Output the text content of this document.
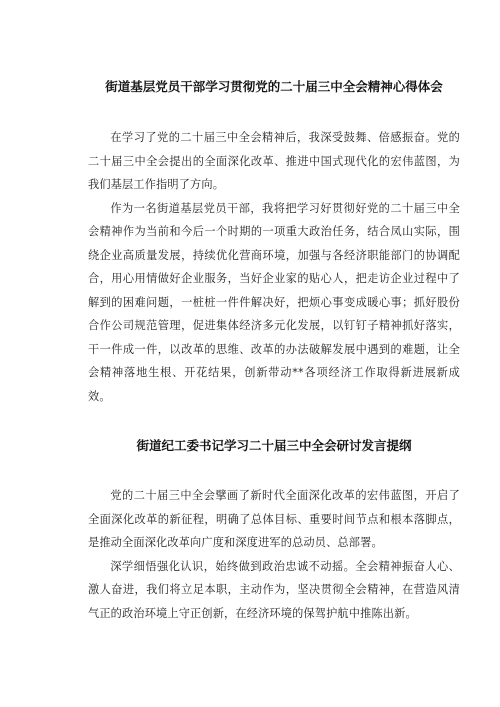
街道基层党员干部学习贯彻党的二十届三中全会精神心得体会

在学习了党的二十届三中全会精神后，我深受鼓舞、倍感振奋。党的二十届三中全会提出的全面深化改革、推进中国式现代化的宏伟蓝图，为我们基层工作指明了方向。

作为一名街道基层党员干部，我将把学习好贯彻好党的二十届三中全会精神作为当前和今后一个时期的一项重大政治任务，结合凤山实际，围绕企业高质量发展，持续优化营商环境，加强与各经济职能部门的协调配合，用心用情做好企业服务，当好企业家的贴心人，把走访企业过程中了解到的困难问题，一桩桩一件件解决好，把烦心事变成暖心事；抓好股份合作公司规范管理，促进集体经济多元化发展，以钉钉子精神抓好落实，干一件成一件，以改革的思维、改革的办法破解发展中遇到的难题，让全会精神落地生根、开花结果，创新带动**各项经济工作取得新进展新成效。

街道纪工委书记学习二十届三中全会研讨发言提纲

党的二十届三中全会擘画了新时代全面深化改革的宏伟蓝图，开启了全面深化改革的新征程，明确了总体目标、重要时间节点和根本落脚点，是推动全面深化改革向广度和深度进军的总动员、总部署。

深学细悟强化认识，始终做到政治忠诚不动摇。全会精神振奋人心、激人奋进，我们将立足本职，主动作为，坚决贯彻全会精神，在营造风清气正的政治环境上守正创新，在经济环境的保驾护航中推陈出新。
